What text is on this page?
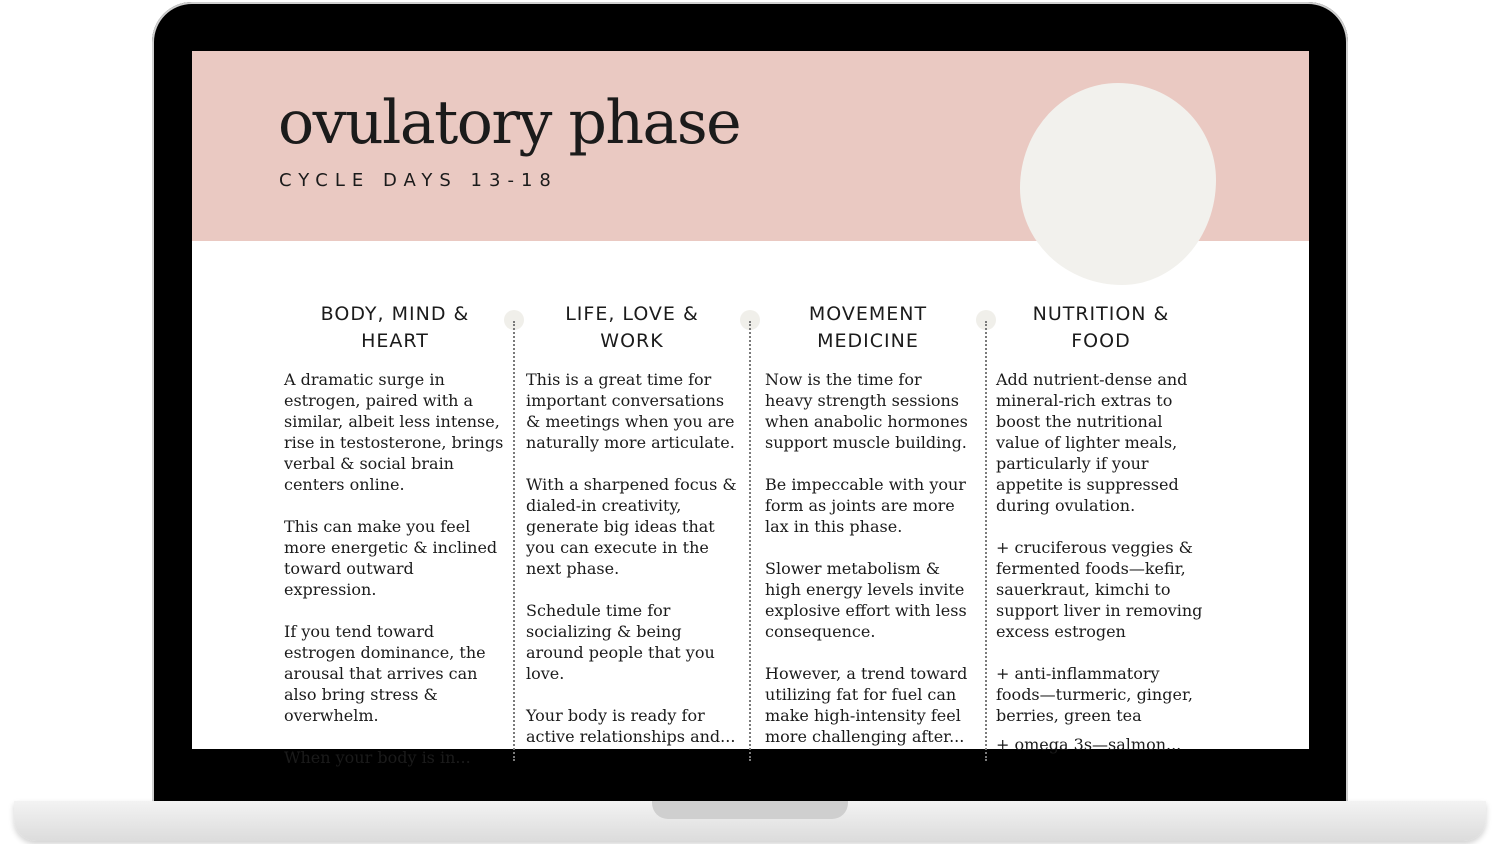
ovulatory phase
CYCLE DAYS 13-18
BODY, MIND & HEART

A dramatic surge in estrogen, paired with a similar, albeit less intense, rise in testosterone, brings verbal & social brain centers online.

This can make you feel more energetic & inclined toward outward expression.

If you tend toward estrogen dominance, the arousal that arrives can also bring stress & overwhelm.

When your body is in...

LIFE, LOVE & WORK

This is a great time for important conversations & meetings when you are naturally more articulate.

With a sharpened focus & dialed-in creativity, generate big ideas that you can execute in the next phase.

Schedule time for socializing & being around people that you love.

Your body is ready for active relationships and...

MOVEMENT MEDICINE

Now is the time for heavy strength sessions when anabolic hormones support muscle building.

Be impeccable with your form as joints are more lax in this phase.

Slower metabolism & high energy levels invite explosive effort with less consequence.

However, a trend toward utilizing fat for fuel can make high-intensity feel more challenging after...

NUTRITION & FOOD

Add nutrient-dense and mineral-rich extras to boost the nutritional value of lighter meals, particularly if your appetite is suppressed during ovulation.

+ cruciferous veggies & fermented foods—kefir, sauerkraut, kimchi to support liver in removing excess estrogen

+ anti-inflammatory foods—turmeric, ginger, berries, green tea

+ omega 3s—salmon...
